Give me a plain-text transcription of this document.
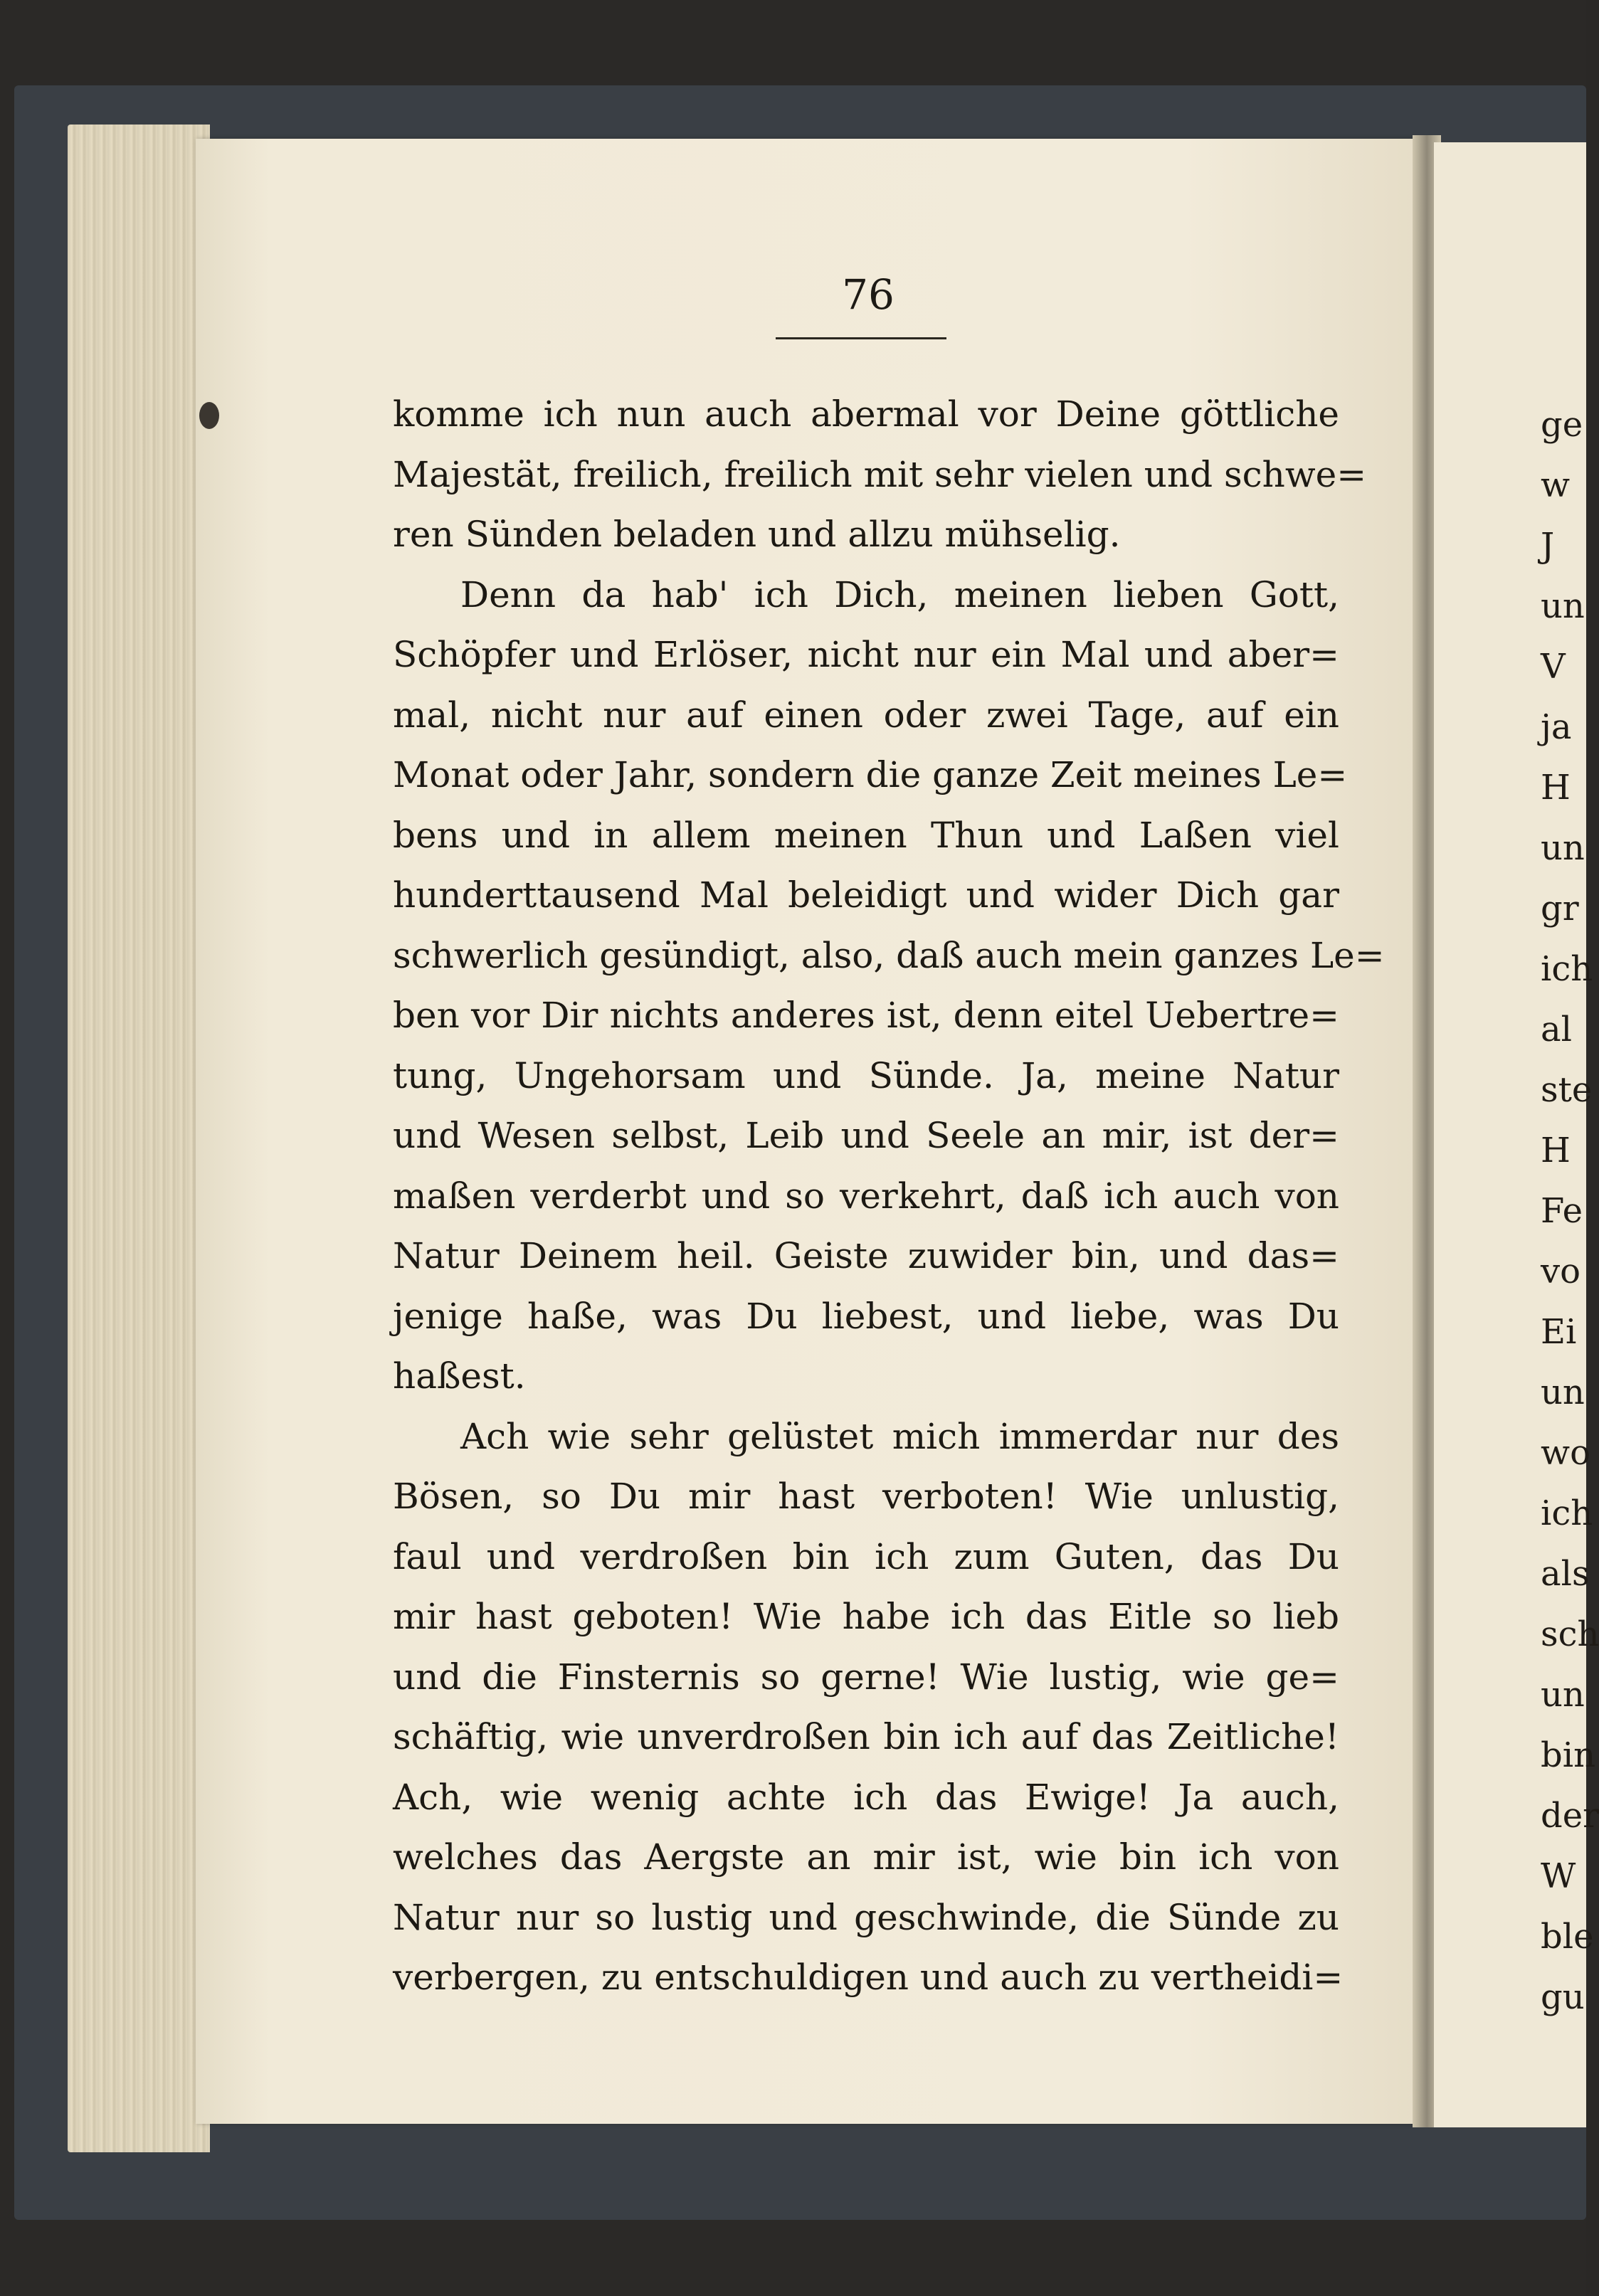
76
komme ich nun auch abermal vor Deine göttliche
Majestät, freilich, freilich mit sehr vielen und schwe=
ren Sünden beladen und allzu mühselig.
Denn da hab' ich Dich, meinen lieben Gott,
Schöpfer und Erlöser, nicht nur ein Mal und aber=
mal, nicht nur auf einen oder zwei Tage, auf ein
Monat oder Jahr, sondern die ganze Zeit meines Le=
bens und in allem meinen Thun und Laßen viel
hunderttausend Mal beleidigt und wider Dich gar
schwerlich gesündigt, also, daß auch mein ganzes Le=
ben vor Dir nichts anderes ist, denn eitel Uebertre=
tung, Ungehorsam und Sünde. Ja, meine Natur
und Wesen selbst, Leib und Seele an mir, ist der=
maßen verderbt und so verkehrt, daß ich auch von
Natur Deinem heil. Geiste zuwider bin, und das=
jenige haße, was Du liebest, und liebe, was Du
haßest.
Ach wie sehr gelüstet mich immerdar nur des
Bösen, so Du mir hast verboten! Wie unlustig,
faul und verdroßen bin ich zum Guten, das Du
mir hast geboten! Wie habe ich das Eitle so lieb
und die Finsternis so gerne! Wie lustig, wie ge=
schäftig, wie unverdroßen bin ich auf das Zeitliche!
Ach, wie wenig achte ich das Ewige! Ja auch,
welches das Aergste an mir ist, wie bin ich von
Natur nur so lustig und geschwinde, die Sünde zu
verbergen, zu entschuldigen und auch zu vertheidi=
ge
w
J
un
V
ja
H
un
gr
ich
al
ste
H
Fe
vo
Ei
un
wo
ich
als
sch
un
bin
der
W
ble
gu
